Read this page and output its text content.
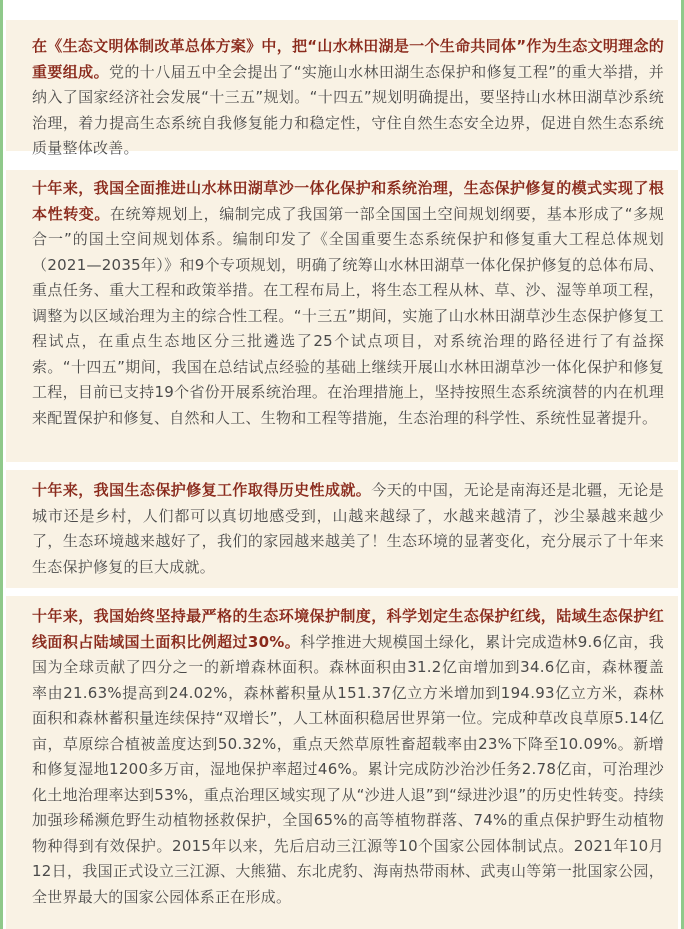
在《生态文明体制改革总体方案》中，把“山水林田湖是一个生命共同体”作为生态文明理念的重要组成。党的十八届五中全会提出了“实施山水林田湖生态保护和修复工程”的重大举措，并纳入了国家经济社会发展“十三五”规划。“十四五”规划明确提出，要坚持山水林田湖草沙系统治理，着力提高生态系统自我修复能力和稳定性，守住自然生态安全边界，促进自然生态系统质量整体改善。

十年来，我国全面推进山水林田湖草沙一体化保护和系统治理，生态保护修复的模式实现了根本性转变。在统筹规划上，编制完成了我国第一部全国国土空间规划纲要，基本形成了“多规合一”的国土空间规划体系。编制印发了《全国重要生态系统保护和修复重大工程总体规划（2021—2035年）》和9个专项规划，明确了统筹山水林田湖草一体化保护修复的总体布局、重点任务、重大工程和政策举措。在工程布局上，将生态工程从林、草、沙、湿等单项工程，调整为以区域治理为主的综合性工程。“十三五”期间，实施了山水林田湖草沙生态保护修复工程试点，在重点生态地区分三批遴选了25个试点项目，对系统治理的路径进行了有益探索。“十四五”期间，我国在总结试点经验的基础上继续开展山水林田湖草沙一体化保护和修复工程，目前已支持19个省份开展系统治理。在治理措施上，坚持按照生态系统演替的内在机理来配置保护和修复、自然和人工、生物和工程等措施，生态治理的科学性、系统性显著提升。

十年来，我国生态保护修复工作取得历史性成就。今天的中国，无论是南海还是北疆，无论是城市还是乡村，人们都可以真切地感受到，山越来越绿了，水越来越清了，沙尘暴越来越少了，生态环境越来越好了，我们的家园越来越美了！生态环境的显著变化，充分展示了十年来生态保护修复的巨大成就。

十年来，我国始终坚持最严格的生态环境保护制度，科学划定生态保护红线，陆域生态保护红线面积占陆域国土面积比例超过30%。科学推进大规模国土绿化，累计完成造林9.6亿亩，我国为全球贡献了四分之一的新增森林面积。森林面积由31.2亿亩增加到34.6亿亩，森林覆盖率由21.63%提高到24.02%，森林蓄积量从151.37亿立方米增加到194.93亿立方米，森林面积和森林蓄积量连续保持“双增长”，人工林面积稳居世界第一位。完成种草改良草原5.14亿亩，草原综合植被盖度达到50.32%，重点天然草原牲畜超载率由23%下降至10.09%。新增和修复湿地1200多万亩，湿地保护率超过46%。累计完成防沙治沙任务2.78亿亩，可治理沙化土地治理率达到53%，重点治理区域实现了从“沙进人退”到“绿进沙退”的历史性转变。持续加强珍稀濒危野生动植物拯救保护，全国65%的高等植物群落、74%的重点保护野生动植物物种得到有效保护。2015年以来，先后启动三江源等10个国家公园体制试点。2021年10月12日，我国正式设立三江源、大熊猫、东北虎豹、海南热带雨林、武夷山等第一批国家公园，全世界最大的国家公园体系正在形成。
